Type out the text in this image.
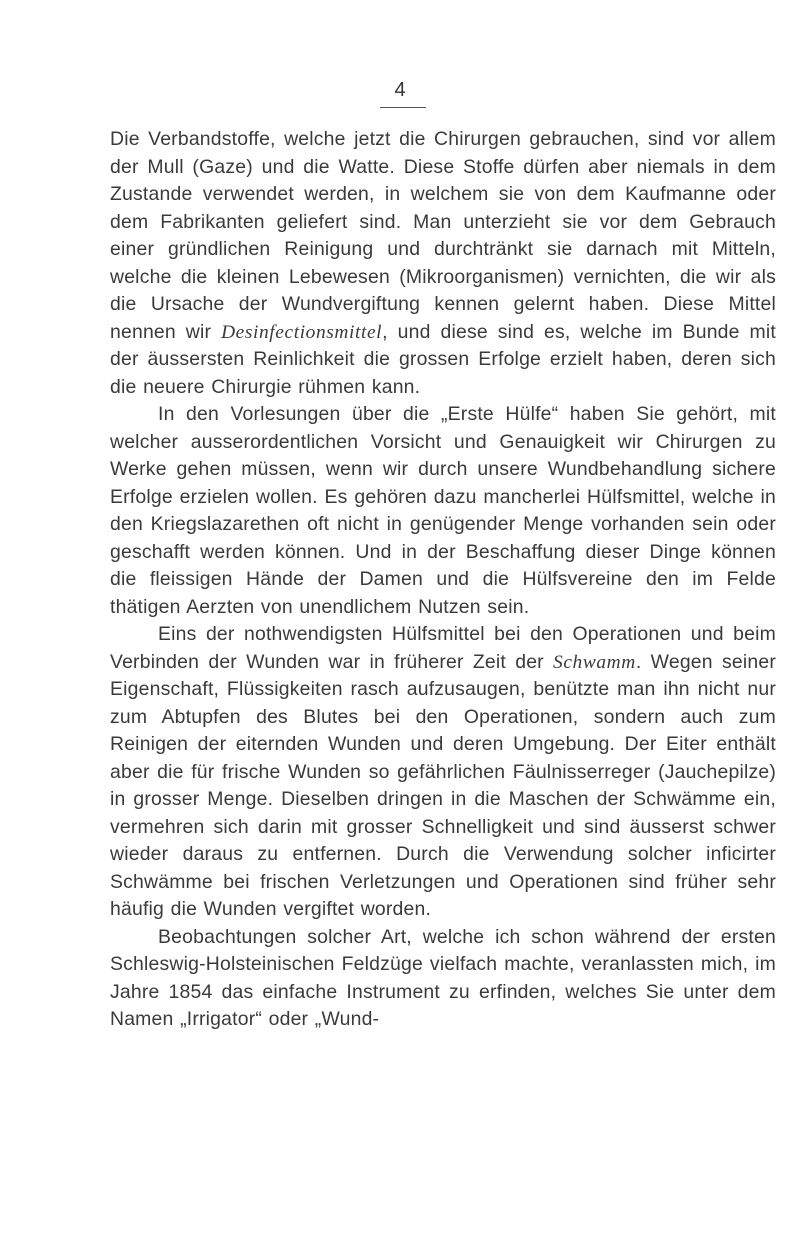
4

Die Verbandstoffe, welche jetzt die Chirurgen gebrauchen, sind vor allem der Mull (Gaze) und die Watte. Diese Stoffe dürfen aber niemals in dem Zustande verwendet werden, in welchem sie von dem Kaufmanne oder dem Fabrikanten geliefert sind. Man unterzieht sie vor dem Gebrauch einer gründlichen Reinigung und durchtränkt sie darnach mit Mitteln, welche die kleinen Lebewesen (Mikroorganismen) vernichten, die wir als die Ursache der Wundvergiftung kennen gelernt haben. Diese Mittel nennen wir Desinfectionsmittel, und diese sind es, welche im Bunde mit der äussersten Reinlichkeit die grossen Erfolge erzielt haben, deren sich die neuere Chirurgie rühmen kann.

In den Vorlesungen über die „Erste Hülfe“ haben Sie gehört, mit welcher ausserordentlichen Vorsicht und Genauigkeit wir Chirurgen zu Werke gehen müssen, wenn wir durch unsere Wundbehandlung sichere Erfolge erzielen wollen. Es gehören dazu mancherlei Hülfsmittel, welche in den Kriegslazarethen oft nicht in genügender Menge vorhanden sein oder geschafft werden können. Und in der Beschaffung dieser Dinge können die fleissigen Hände der Damen und die Hülfsvereine den im Felde thätigen Aerzten von unendlichem Nutzen sein.

Eins der nothwendigsten Hülfsmittel bei den Operationen und beim Verbinden der Wunden war in früherer Zeit der Schwamm. Wegen seiner Eigenschaft, Flüssigkeiten rasch aufzusaugen, benützte man ihn nicht nur zum Abtupfen des Blutes bei den Operationen, sondern auch zum Reinigen der eiternden Wunden und deren Umgebung. Der Eiter enthält aber die für frische Wunden so gefährlichen Fäulnisserreger (Jauchepilze) in grosser Menge. Dieselben dringen in die Maschen der Schwämme ein, vermehren sich darin mit grosser Schnelligkeit und sind äusserst schwer wieder daraus zu entfernen. Durch die Verwendung solcher inficirter Schwämme bei frischen Verletzungen und Operationen sind früher sehr häufig die Wunden vergiftet worden.

Beobachtungen solcher Art, welche ich schon während der ersten Schleswig-Holsteinischen Feldzüge vielfach machte, veranlassten mich, im Jahre 1854 das einfache Instrument zu erfinden, welches Sie unter dem Namen „Irrigator“ oder „Wund-
